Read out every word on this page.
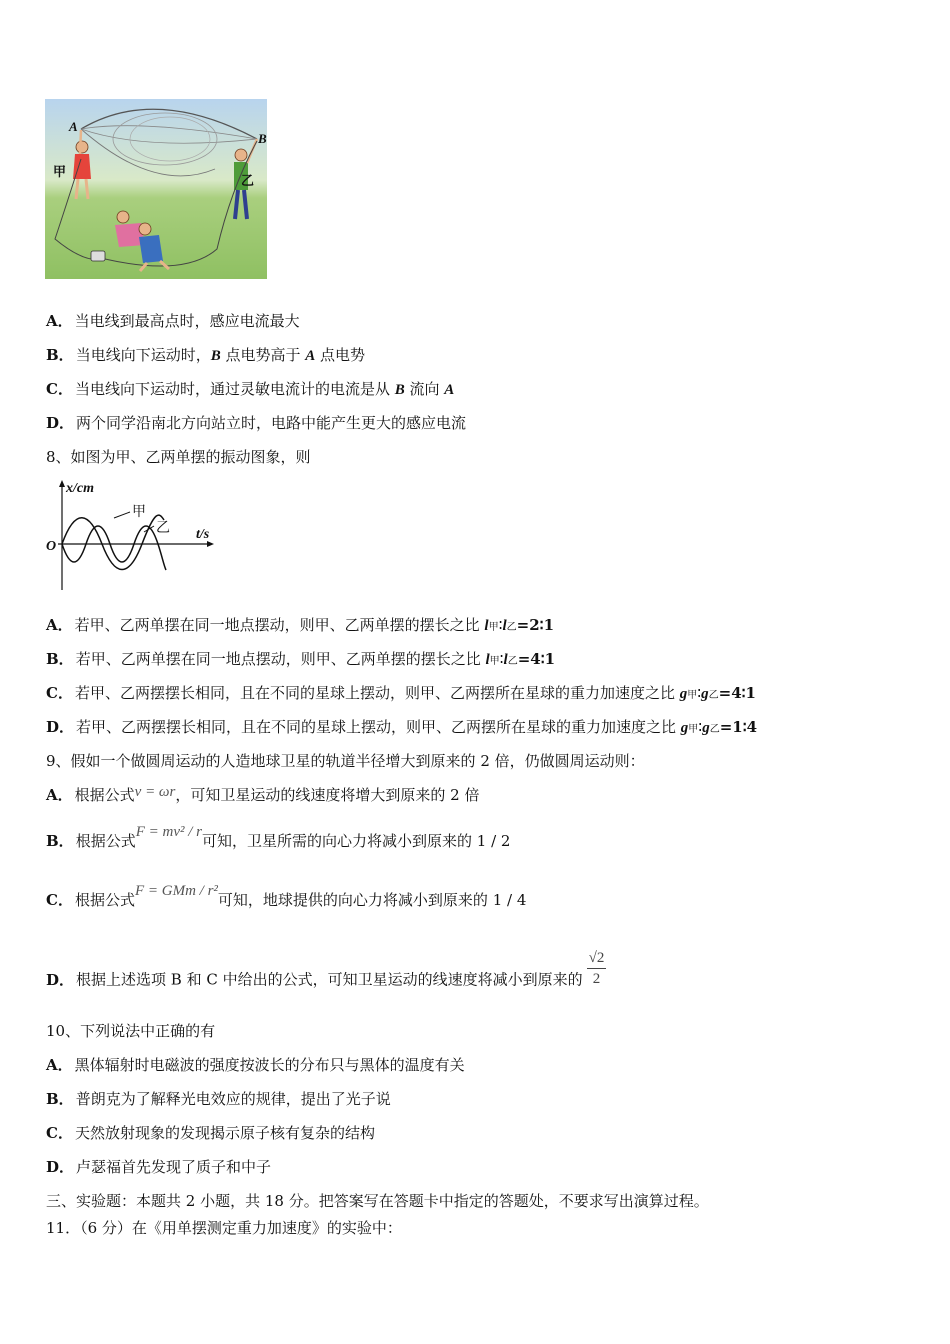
A
B
甲
乙
A． 当电线到最高点时，感应电流最大
B． 当电线向下运动时，B 点电势高于 A 点电势
C． 当电线向下运动时，通过灵敏电流计的电流是从 B 流向 A
D． 两个同学沿南北方向站立时，电路中能产生更大的感应电流
8、如图为甲、乙两单摆的振动图象，则
x/cm
t/s
O
甲
乙
A． 若甲、乙两单摆在同一地点摆动，则甲、乙两单摆的摆长之比 l甲∶l乙=2∶1
B． 若甲、乙两单摆在同一地点摆动，则甲、乙两单摆的摆长之比 l甲∶l乙=4∶1
C． 若甲、乙两摆摆长相同，且在不同的星球上摆动，则甲、乙两摆所在星球的重力加速度之比 g甲∶g乙=4∶1
D． 若甲、乙两摆摆长相同，且在不同的星球上摆动，则甲、乙两摆所在星球的重力加速度之比 g甲∶g乙=1∶4
9、假如一个做圆周运动的人造地球卫星的轨道半径增大到原来的 2 倍，仍做圆周运动则：
A． 根据公式v = ωr，可知卫星运动的线速度将增大到原来的 2 倍
B． 根据公式F = mv² / r可知，卫星所需的向心力将减小到原来的 1 / 2
C． 根据公式F = GMm / r²可知，地球提供的向心力将减小到原来的 1 / 4
D． 根据上述选项 B 和 C 中给出的公式，可知卫星运动的线速度将减小到原来的 $\frac{√2}{2}$
10、下列说法中正确的有
A． 黑体辐射时电磁波的强度按波长的分布只与黑体的温度有关
B． 普朗克为了解释光电效应的规律，提出了光子说
C． 天然放射现象的发现揭示原子核有复杂的结构
D． 卢瑟福首先发现了质子和中子
三、实验题：本题共 2 小题，共 18 分。把答案写在答题卡中指定的答题处，不要求写出演算过程。
11．（6 分）在《用单摆测定重力加速度》的实验中：
